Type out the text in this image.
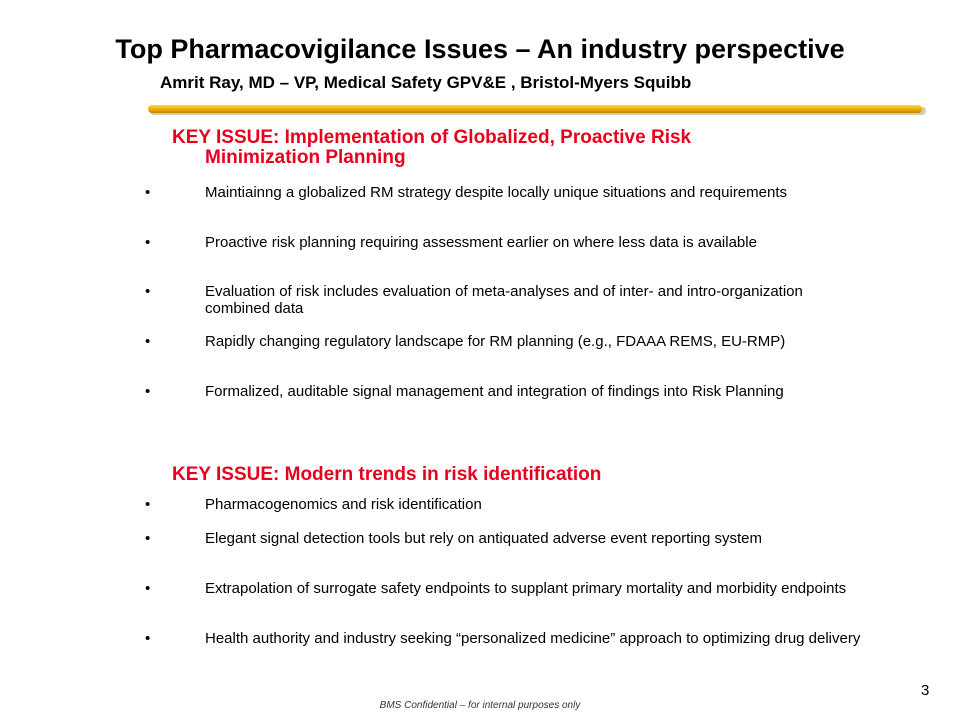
Top Pharmacovigilance Issues – An industry perspective
Amrit Ray, MD – VP, Medical Safety GPV&E , Bristol-Myers Squibb
KEY ISSUE: Implementation of Globalized, Proactive Risk
Minimization Planning
•	Maintiainng a globalized RM strategy despite locally unique situations and requirements
•	Proactive risk planning requiring assessment earlier on where less data is available
•	Evaluation of risk includes evaluation of meta-analyses and of inter- and intro-organization combined data
•	Rapidly changing regulatory landscape for RM planning (e.g., FDAAA REMS, EU-RMP)
•	Formalized, auditable signal management and integration of findings into Risk Planning
KEY ISSUE: Modern trends in risk identification
•	Pharmacogenomics and risk identification
•	Elegant signal detection tools but rely on antiquated adverse event reporting system
•	Extrapolation of surrogate safety endpoints to supplant primary mortality and morbidity endpoints
•	Health authority and industry seeking “personalized medicine” approach to optimizing drug delivery
3
BMS Confidential – for internal purposes only
